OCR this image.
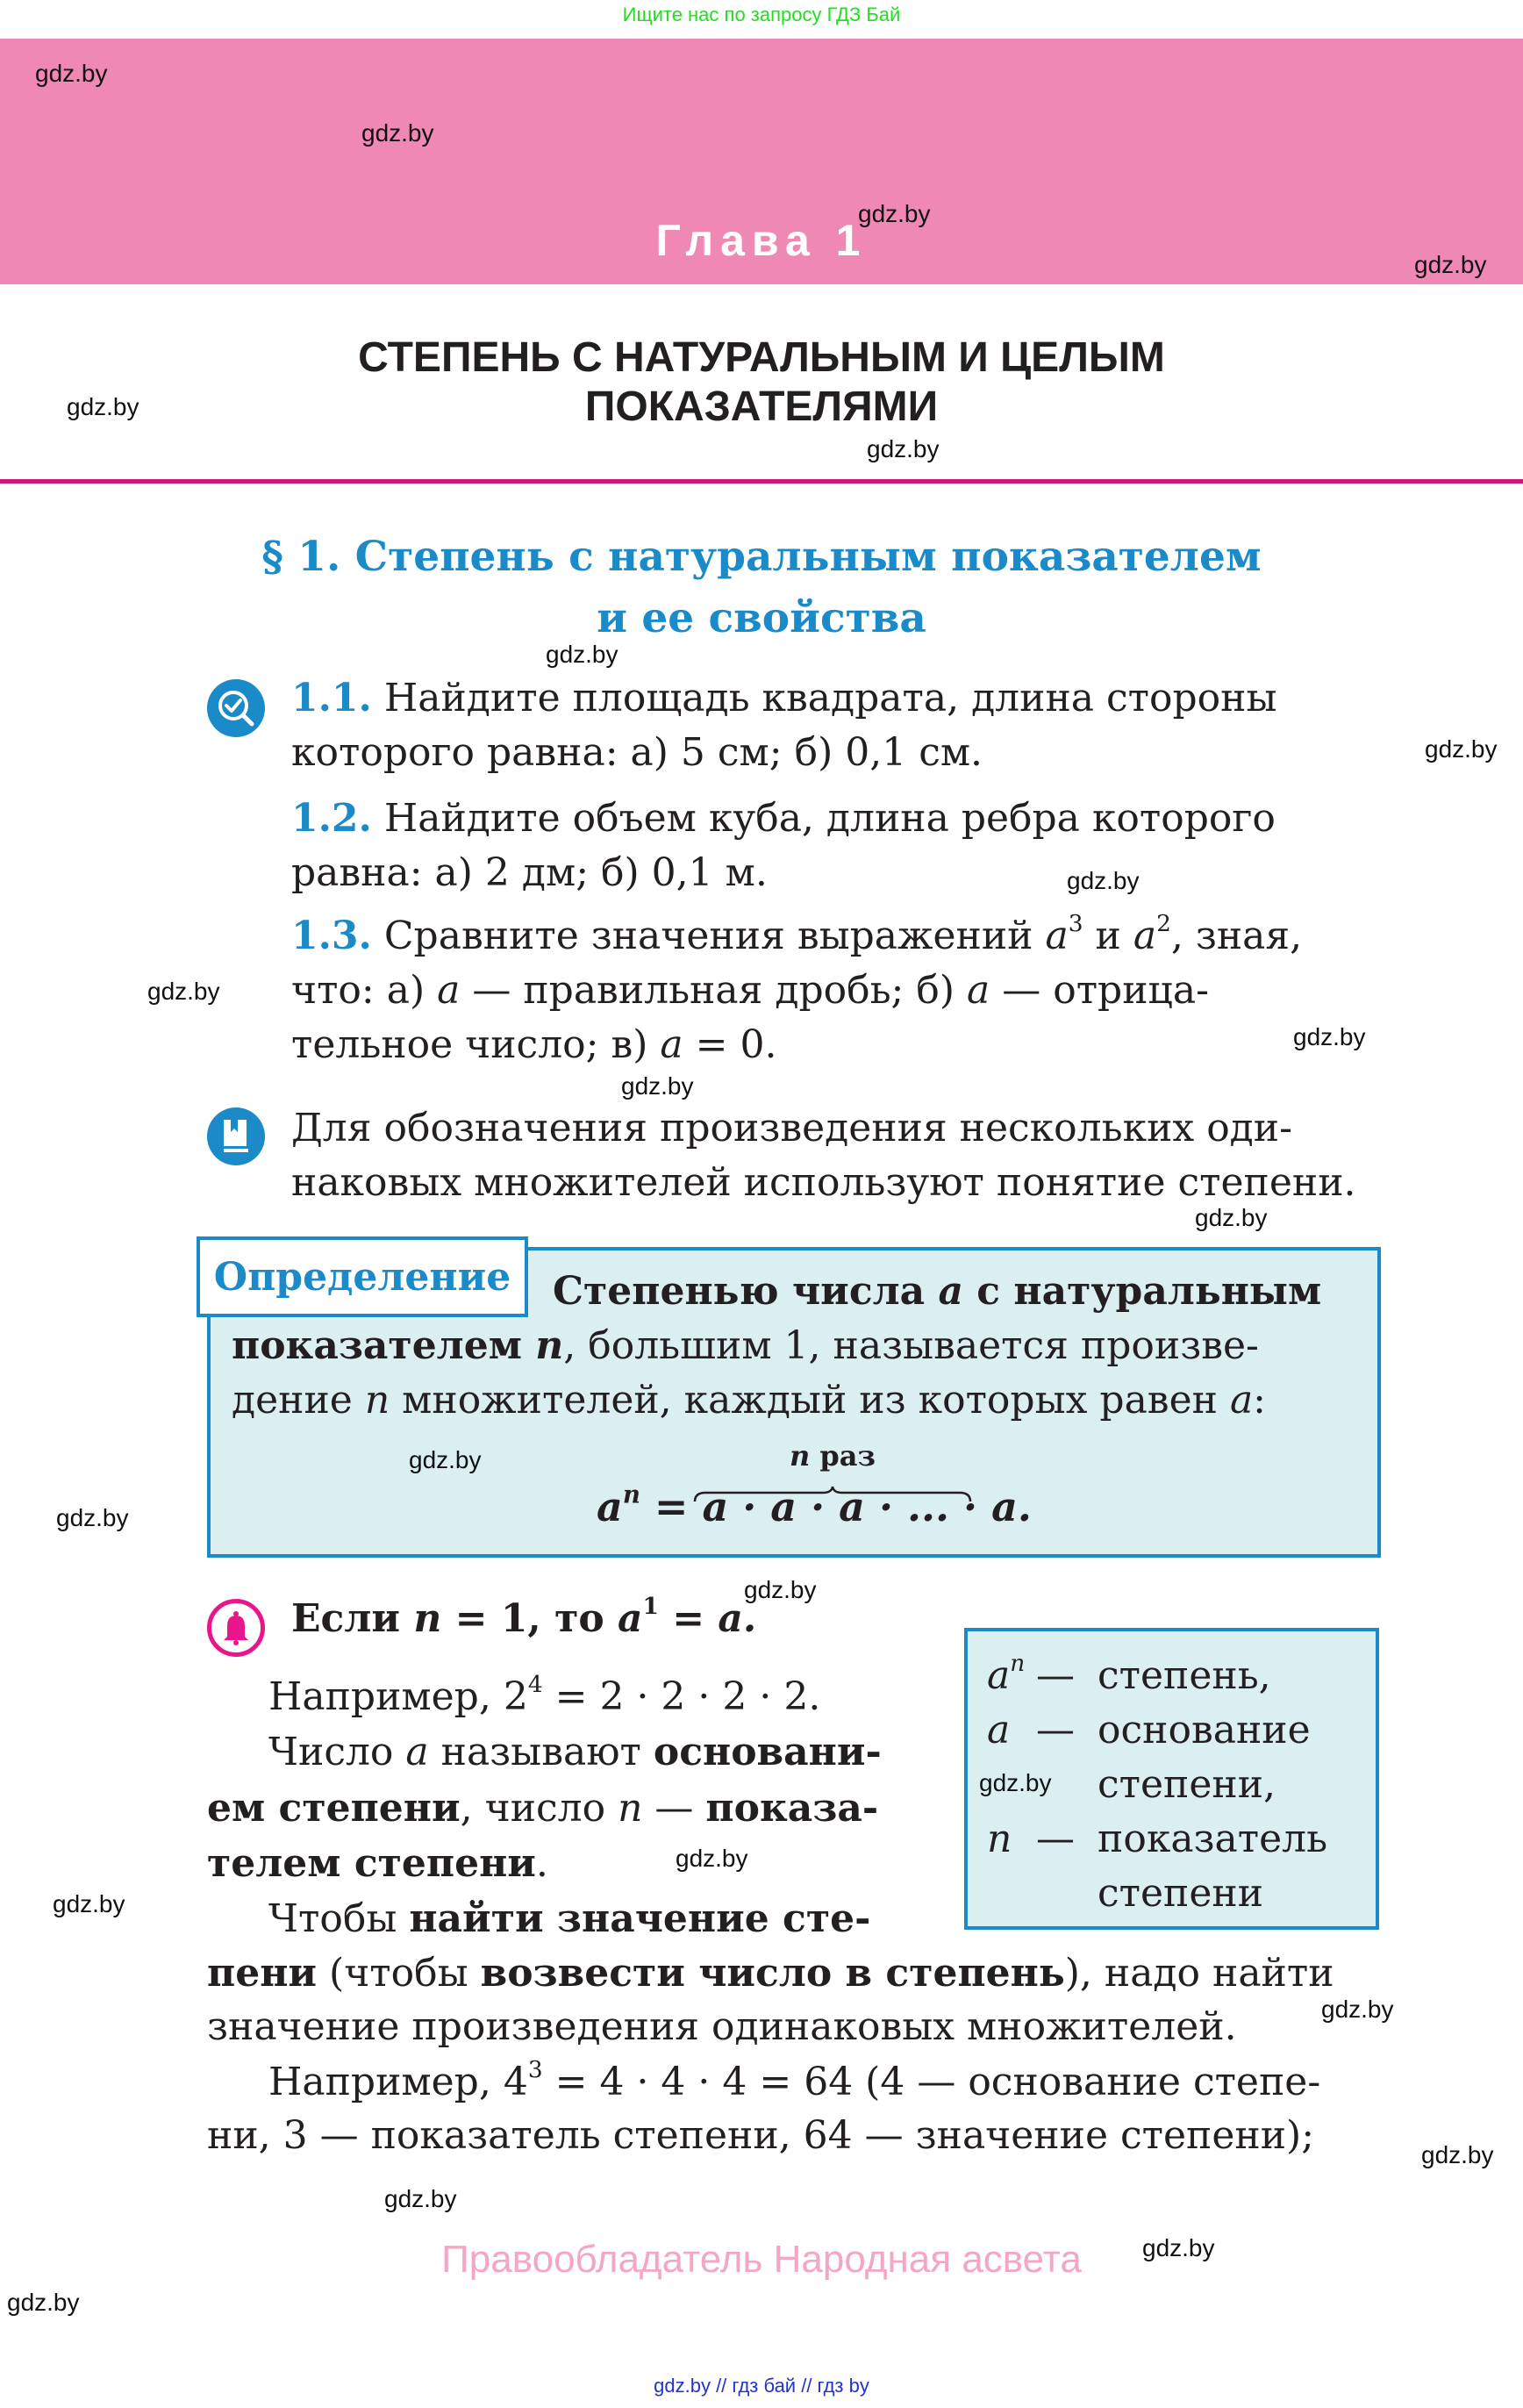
Ищите нас по запросу ГДЗ Бай
Глава 1
СТЕПЕНЬ С НАТУРАЛЬНЫМ И ЦЕЛЫМ
ПОКАЗАТЕЛЯМИ
§ 1. Степень с натуральным показателем
и ее свойства
1.1. Найдите площадь квадрата, длина стороны
которого равна: а) 5 см; б) 0,1 см.
1.2. Найдите объем куба, длина ребра которого
равна: а) 2 дм; б) 0,1 м.
1.3. Сравните значения выражений $a^3$ и $a^2$, зная,
что: а) a — правильная дробь; б) a — отрица-
тельное число; в) a = 0.
Для обозначения произведения нескольких оди-
наковых множителей используют понятие степени.
Определение	Степенью числа a с натуральным
показателем n, большим 1, называется произве-
дение n множителей, каждый из которых равен a:
n раз
$a^n = a \cdot a \cdot a$ · ... · a.
Если n = 1, то $a^1 = a$.
Например, $2^4 = 2 \cdot 2 \cdot 2 \cdot 2$.
Число a называют основани-
ем степени, число n — показа-
телем степени.
Чтобы найти значение сте-
пени (чтобы возвести число в степень), надо найти
значение произведения одинаковых множителей.
Например, $4^3 = 4 \cdot 4 \cdot 4 = 64$ (4 — основание степе-
ни, 3 — показатель степени, 64 — значение степени);
$a^n$ — степень,
a — основание
степени,
n — показатель
степени
Правообладатель Народная асвета
gdz.by // гдз бай // гдз by
gdz.by
gdz.by
gdz.by
gdz.by
gdz.by
gdz.by
gdz.by
gdz.by
gdz.by
gdz.by
gdz.by
gdz.by
gdz.by
gdz.by
gdz.by
gdz.by
gdz.by
gdz.by
gdz.by
gdz.by
gdz.by
gdz.by
gdz.by
gdz.by
